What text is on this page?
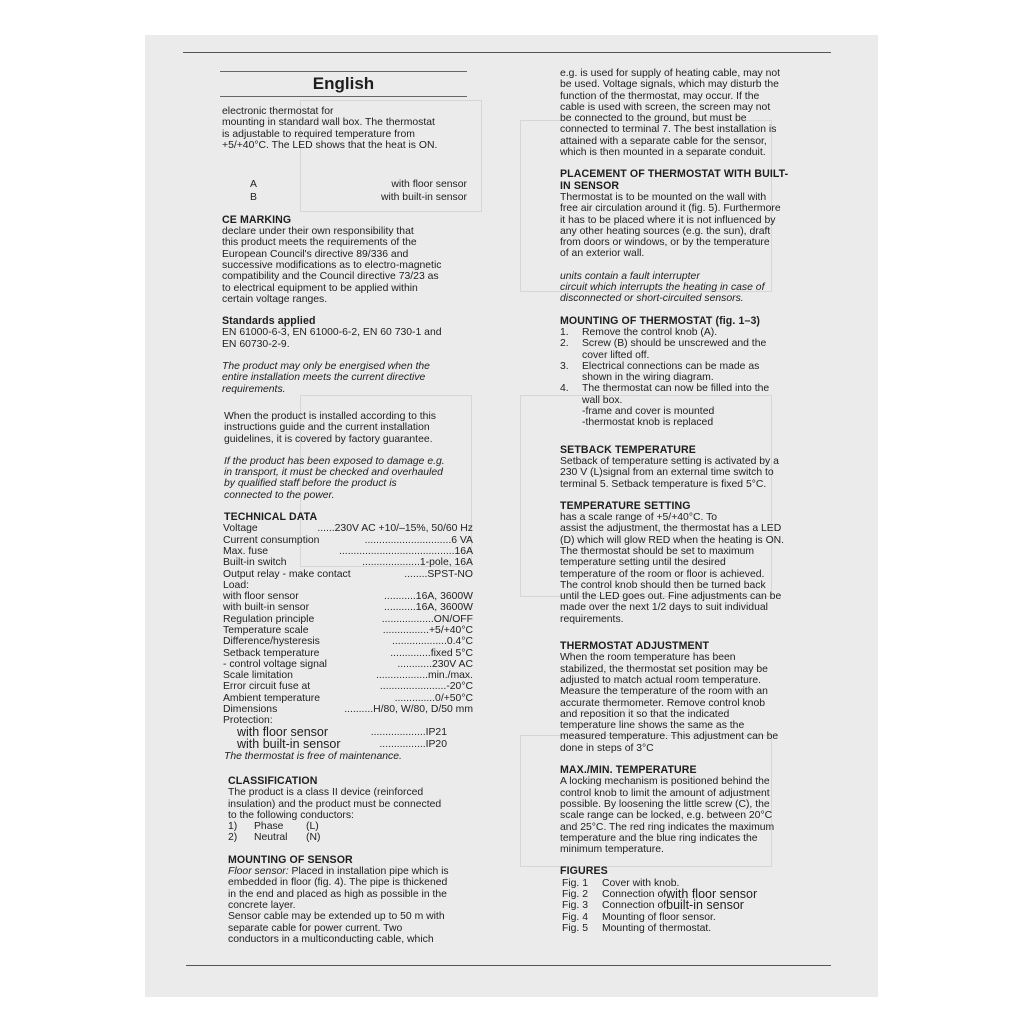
English
electronic thermostat for
mounting in standard wall box. The thermostat
is adjustable to required temperature from
+5/+40°C. The LED shows that the heat is ON.
A	with floor sensor
B	with built-in sensor
CE MARKING
declare under their own responsibility that
this product meets the requirements of the
European Council's directive 89/336 and
successive modifications as to electro-magnetic
compatibility and the Council directive 73/23 as
to electrical equipment to be applied within
certain voltage ranges.
Standards applied
EN 61000-6-3, EN 61000-6-2, EN 60 730-1 and
EN 60730-2-9.
The product may only be energised when the
entire installation meets the current directive
requirements.
When the product is installed according to this
instructions guide and the current installation
guidelines, it is covered by factory guarantee.
If the product has been exposed to damage e.g.
in transport, it must be checked and overhauled
by qualified staff before the product is
connected to the power.
TECHNICAL DATA
Voltage	......230V AC +10/–15%, 50/60 Hz
Current consumption	..............................6 VA
Max. fuse	........................................16A
Built-in switch	....................1-pole, 16A
Output relay - make contact	........SPST-NO
Load:
with floor sensor	...........16A, 3600W
with built-in sensor	...........16A, 3600W
Regulation principle	..................ON/OFF
Temperature scale	................+5/+40°C
Difference/hysteresis	...................0.4°C
Setback temperature	..............fixed 5°C
- control voltage signal	............230V AC
Scale limitation	..................min./max.
Error circuit fuse at	.......................-20°C
Ambient temperature	..............0/+50°C
Dimensions	..........H/80, W/80, D/50 mm
Protection:
with floor sensor	...................IP21
with built-in sensor	................IP20
The thermostat is free of maintenance.
CLASSIFICATION
The product is a class II device (reinforced
insulation) and the product must be connected
to the following conductors:
1) Phase (L)
2) Neutral (N)
MOUNTING OF SENSOR
Floor sensor: Placed in installation pipe which is
embedded in floor (fig. 4). The pipe is thickened
in the end and placed as high as possible in the
concrete layer.
Sensor cable may be extended up to 50 m with
separate cable for power current. Two
conductors in a multiconducting cable, which
e.g. is used for supply of heating cable, may not
be used. Voltage signals, which may disturb the
function of the thermostat, may occur. If the
cable is used with screen, the screen may not
be connected to the ground, but must be
connected to terminal 7. The best installation is
attained with a separate cable for the sensor,
which is then mounted in a separate conduit.
PLACEMENT OF THERMOSTAT WITH BUILT-
IN SENSOR
Thermostat is to be mounted on the wall with
free air circulation around it (fig. 5). Furthermore
it has to be placed where it is not influenced by
any other heating sources (e.g. the sun), draft
from doors or windows, or by the temperature
of an exterior wall.
units contain a fault interrupter
circuit which interrupts the heating in case of
disconnected or short-circuited sensors.
MOUNTING OF THERMOSTAT (fig. 1–3)
1.	Remove the control knob (A).
2.	Screw (B) should be unscrewed and the
cover lifted off.
3.	Electrical connections can be made as
shown in the wiring diagram.
4.	The thermostat can now be filled into the
wall box.
-frame and cover is mounted
-thermostat knob is replaced
SETBACK TEMPERATURE
Setback of temperature setting is activated by a
230 V (L)signal from an external time switch to
terminal 5. Setback temperature is fixed 5°C.
TEMPERATURE SETTING
has a scale range of +5/+40°C. To
assist the adjustment, the thermostat has a LED
(D) which will glow RED when the heating is ON.
The thermostat should be set to maximum
temperature setting until the desired
temperature of the room or floor is achieved.
The control knob should then be turned back
until the LED goes out. Fine adjustments can be
made over the next 1/2 days to suit individual
requirements.
THERMOSTAT ADJUSTMENT
When the room temperature has been
stabilized, the thermostat set position may be
adjusted to match actual room temperature.
Measure the temperature of the room with an
accurate thermometer. Remove control knob
and reposition it so that the indicated
temperature line shows the same as the
measured temperature. This adjustment can be
done in steps of 3°C
MAX./MIN. TEMPERATURE
A locking mechanism is positioned behind the
control knob to limit the amount of adjustment
possible. By loosening the little screw (C), the
scale range can be locked, e.g. between 20°C
and 25°C. The red ring indicates the maximum
temperature and the blue ring indicates the
minimum temperature.
FIGURES
Fig. 1	Cover with knob.
Fig. 2	Connection of with floor sensor
Fig. 3	Connection of built-in sensor
Fig. 4	Mounting of floor sensor.
Fig. 5	Mounting of thermostat.
